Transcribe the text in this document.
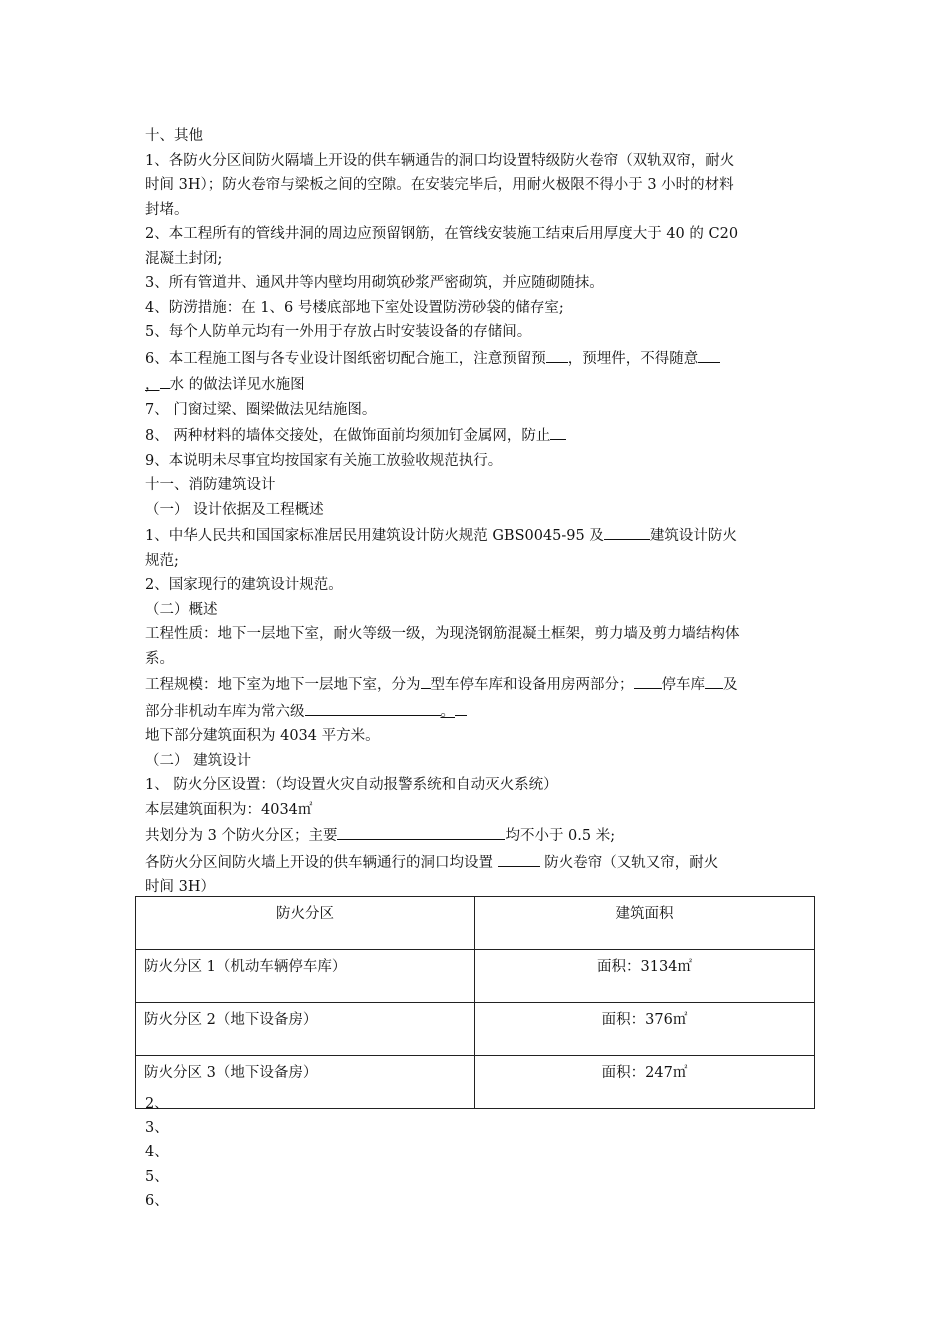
十、其他
1、各防火分区间防火隔墙上开设的供车辆通告的洞口均设置特级防火卷帘（双轨双帘，耐火
时间 3H）；防火卷帘与梁板之间的空隙。在安装完毕后，用耐火极限不得小于 3 小时的材料
封堵。
2、本工程所有的管线井洞的周边应预留钢筋，在管线安装施工结束后用厚度大于 40 的 C20
混凝土封闭;
3、所有管道井、通风井等内壁均用砌筑砂浆严密砌筑，并应随砌随抹。
4、防涝措施：在 1、6 号楼底部地下室处设置防涝砂袋的储存室;
5、每个人防单元均有一外用于存放占时安装设备的存储间。
6、本工程施工图与各专业设计图纸密切配合施工，注意预留预 ，预埋件，不得随意
， 水 的做法详见水施图
7、 门窗过梁、圈梁做法见结施图。
8、 两种材料的墙体交接处，在做饰面前均须加钉金属网，防止
9、本说明未尽事宜均按国家有关施工放验收规范执行。
十一、消防建筑设计
（一） 设计依据及工程概述
1、中华人民共和国国家标准居民用建筑设计防火规范 GBS0045-95 及	建筑设计防火
规范;
2、国家现行的建筑设计规范。
（二）概述
工程性质：地下一层地下室，耐火等级一级，为现浇钢筋混凝土框架，剪力墙及剪力墙结构体
系。
工程规模：地下室为地下一层地下室，分为 型车停车库和设备用房两部分； 停车库 及
部分非机动车库为常六级	。
地下部分建筑面积为 4034 平方米。
（二） 建筑设计
1、 防火分区设置：（均设置火灾自动报警系统和自动灭火系统）
本层建筑面积为：4034㎡
共划分为 3 个防火分区；主要	均不小于 0.5 米;
各防火分区间防火墙上开设的供车辆通行的洞口均设置	防火卷帘（又轨又帘，耐火
时间 3H）
防火分区	建筑面积
防火分区 1（机动车辆停车库）	面积：3134㎡
防火分区 2（地下设备房）	面积：376㎡
防火分区 3（地下设备房）	面积：247㎡
2、
3、
4、
5、
6、
